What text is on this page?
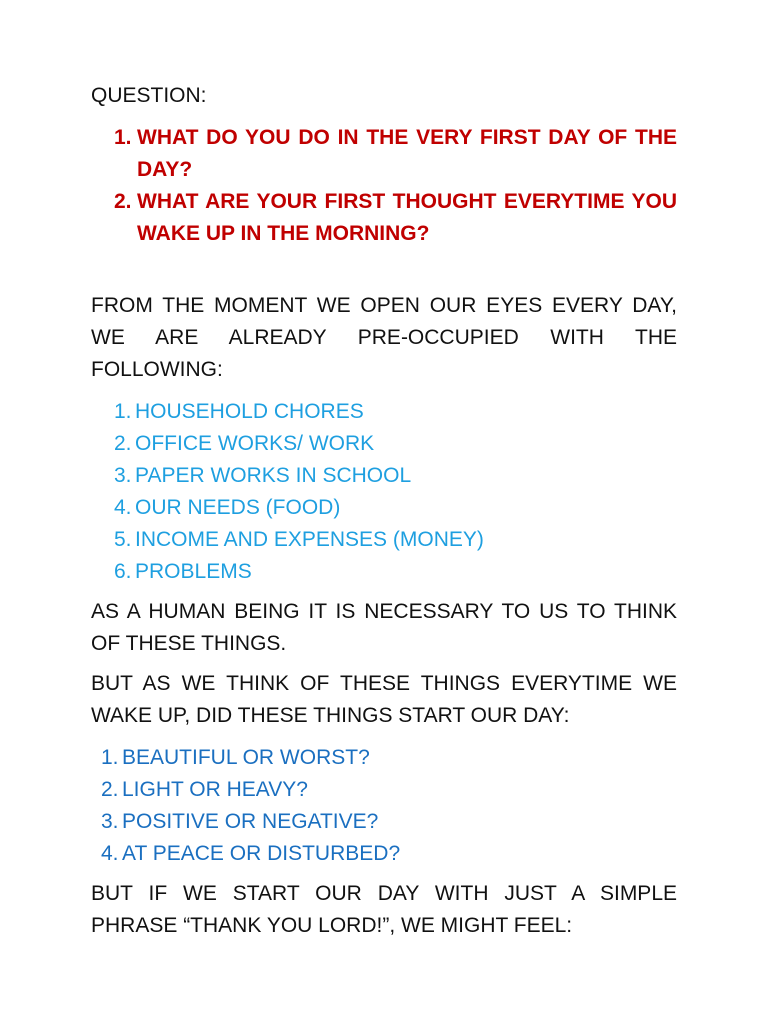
QUESTION:

1. WHAT DO YOU DO IN THE VERY FIRST DAY OF THE DAY?
2. WHAT ARE YOUR FIRST THOUGHT EVERYTIME YOU WAKE UP IN THE MORNING?

FROM THE MOMENT WE OPEN OUR EYES EVERY DAY, WE ARE ALREADY PRE-OCCUPIED WITH THE FOLLOWING:

1. HOUSEHOLD CHORES
2. OFFICE WORKS/ WORK
3. PAPER WORKS IN SCHOOL
4. OUR NEEDS (FOOD)
5. INCOME AND EXPENSES (MONEY)
6. PROBLEMS

AS A HUMAN BEING IT IS NECESSARY TO US TO THINK OF THESE THINGS.

BUT AS WE THINK OF THESE THINGS EVERYTIME WE WAKE UP, DID THESE THINGS START OUR DAY:

1. BEAUTIFUL OR WORST?
2. LIGHT OR HEAVY?
3. POSITIVE OR NEGATIVE?
4. AT PEACE OR DISTURBED?

BUT IF WE START OUR DAY WITH JUST A SIMPLE PHRASE “THANK YOU LORD!”, WE MIGHT FEEL:
